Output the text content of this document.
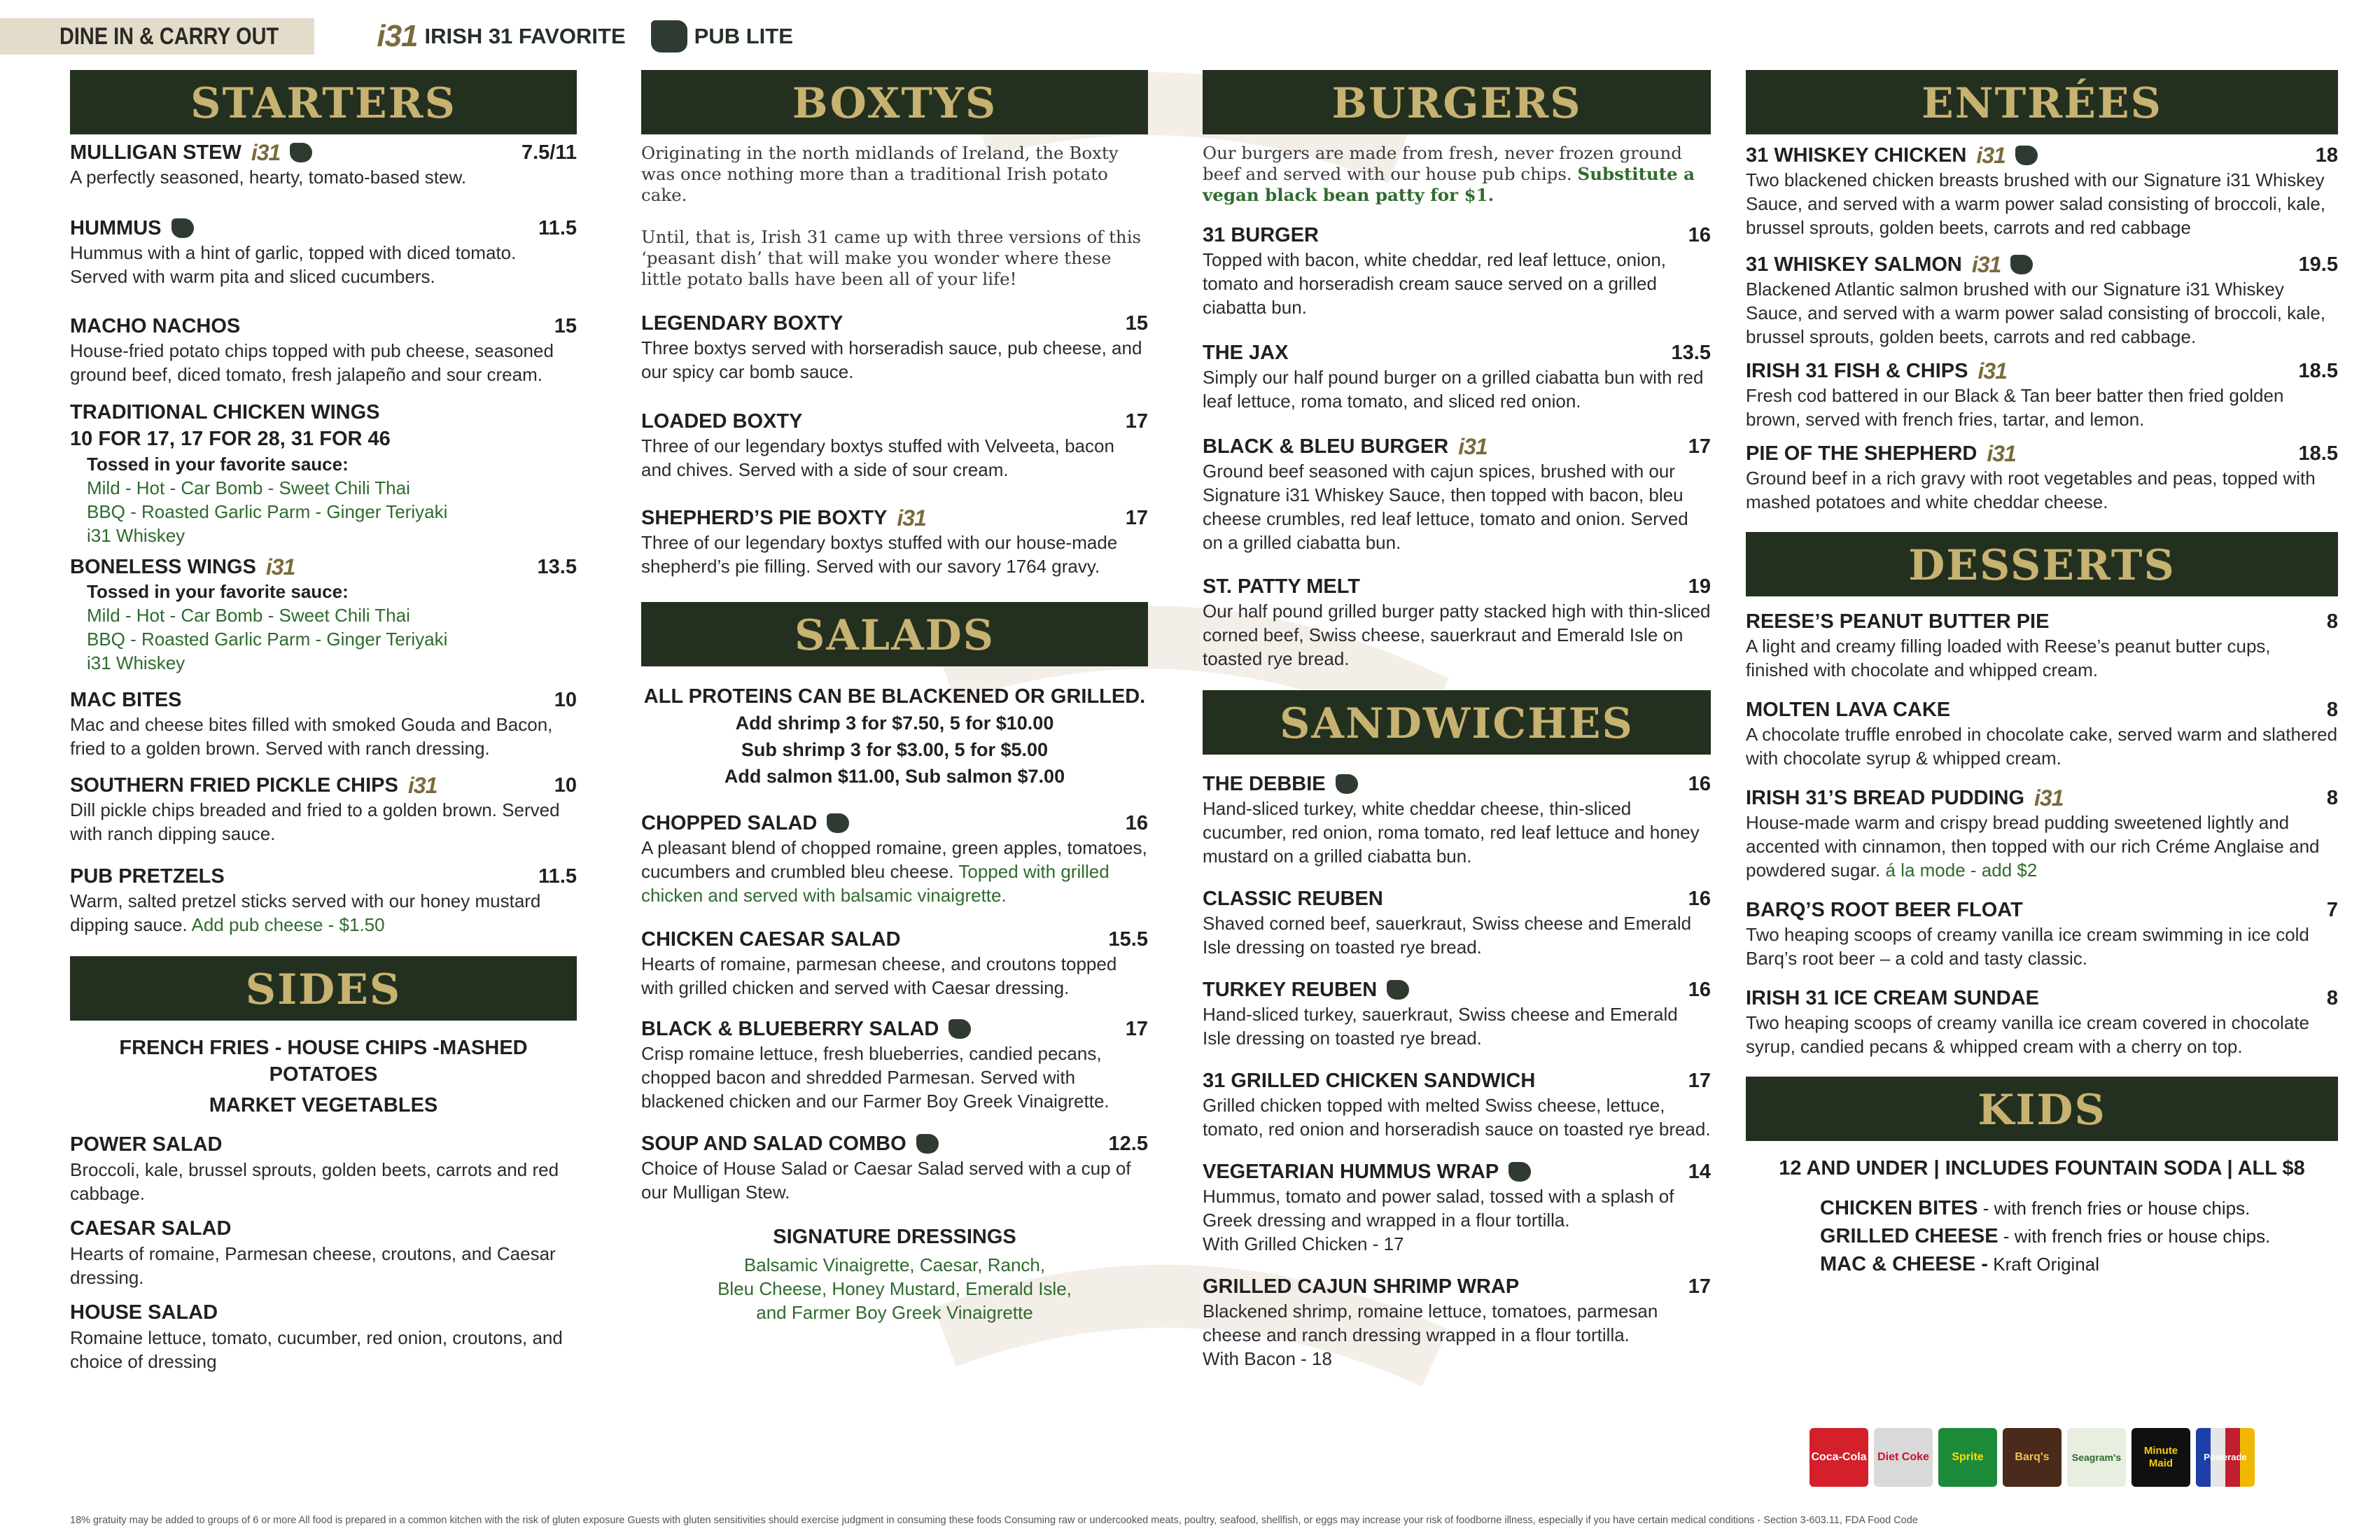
DINE IN & CARRY OUT	i31 IRISH 31 FAVORITE	PUB LITE
STARTERS
MULLIGAN STEW i31	7.5/11
A perfectly seasoned, hearty, tomato-based stew.
HUMMUS	11.5
Hummus with a hint of garlic, topped with diced tomato. Served with warm pita and sliced cucumbers.
MACHO NACHOS	15
House-fried potato chips topped with pub cheese, seasoned ground beef, diced tomato, fresh jalapeño and sour cream.
TRADITIONAL CHICKEN WINGS
10 FOR 17, 17 FOR 28, 31 FOR 46
Tossed in your favorite sauce:
Mild - Hot - Car Bomb - Sweet Chili Thai
BBQ - Roasted Garlic Parm - Ginger Teriyaki
i31 Whiskey
BONELESS WINGS i31	13.5
Tossed in your favorite sauce:
Mild - Hot - Car Bomb - Sweet Chili Thai
BBQ - Roasted Garlic Parm - Ginger Teriyaki
i31 Whiskey
MAC BITES	10
Mac and cheese bites filled with smoked Gouda and Bacon, fried to a golden brown. Served with ranch dressing.
SOUTHERN FRIED PICKLE CHIPS i31	10
Dill pickle chips breaded and fried to a golden brown. Served with ranch dipping sauce.
PUB PRETZELS	11.5
Warm, salted pretzel sticks served with our honey mustard dipping sauce. Add pub cheese - $1.50
SIDES
FRENCH FRIES - HOUSE CHIPS -MASHED POTATOES
MARKET VEGETABLES
POWER SALAD
Broccoli, kale, brussel sprouts, golden beets, carrots and red cabbage.
CAESAR SALAD
Hearts of romaine, Parmesan cheese, croutons, and Caesar dressing.
HOUSE SALAD
Romaine lettuce, tomato, cucumber, red onion, croutons, and choice of dressing
BOXTYS
Originating in the north midlands of Ireland, the Boxty was once nothing more than a traditional Irish potato cake.
Until, that is, Irish 31 came up with three versions of this ‘peasant dish’ that will make you wonder where these little potato balls have been all of your life!
LEGENDARY BOXTY	15
Three boxtys served with horseradish sauce, pub cheese, and our spicy car bomb sauce.
LOADED BOXTY	17
Three of our legendary boxtys stuffed with Velveeta, bacon and chives. Served with a side of sour cream.
SHEPHERD’S PIE BOXTY i31	17
Three of our legendary boxtys stuffed with our house-made shepherd’s pie filling. Served with our savory 1764 gravy.
SALADS
ALL PROTEINS CAN BE BLACKENED OR GRILLED.
Add shrimp 3 for $7.50, 5 for $10.00
Sub shrimp 3 for $3.00, 5 for $5.00
Add salmon $11.00, Sub salmon $7.00
CHOPPED SALAD	16
A pleasant blend of chopped romaine, green apples, tomatoes, cucumbers and crumbled bleu cheese. Topped with grilled chicken and served with balsamic vinaigrette.
CHICKEN CAESAR SALAD	15.5
Hearts of romaine, parmesan cheese, and croutons topped with grilled chicken and served with Caesar dressing.
BLACK & BLUEBERRY SALAD	17
Crisp romaine lettuce, fresh blueberries, candied pecans, chopped bacon and shredded Parmesan. Served with blackened chicken and our Farmer Boy Greek Vinaigrette.
SOUP AND SALAD COMBO	12.5
Choice of House Salad or Caesar Salad served with a cup of our Mulligan Stew.
SIGNATURE DRESSINGS
Balsamic Vinaigrette, Caesar, Ranch,
Bleu Cheese, Honey Mustard, Emerald Isle,
and Farmer Boy Greek Vinaigrette
BURGERS
Our burgers are made from fresh, never frozen ground beef and served with our house pub chips. Substitute a vegan black bean patty for $1.
31 BURGER	16
Topped with bacon, white cheddar, red leaf lettuce, onion, tomato and horseradish cream sauce served on a grilled ciabatta bun.
THE JAX	13.5
Simply our half pound burger on a grilled ciabatta bun with red leaf lettuce, roma tomato, and sliced red onion.
BLACK & BLEU BURGER i31	17
Ground beef seasoned with cajun spices, brushed with our Signature i31 Whiskey Sauce, then topped with bacon, bleu cheese crumbles, red leaf lettuce, tomato and onion. Served on a grilled ciabatta bun.
ST. PATTY MELT	19
Our half pound grilled burger patty stacked high with thin-sliced corned beef, Swiss cheese, sauerkraut and Emerald Isle on toasted rye bread.
SANDWICHES
THE DEBBIE	16
Hand-sliced turkey, white cheddar cheese, thin-sliced cucumber, red onion, roma tomato, red leaf lettuce and honey mustard on a grilled ciabatta bun.
CLASSIC REUBEN	16
Shaved corned beef, sauerkraut, Swiss cheese and Emerald Isle dressing on toasted rye bread.
TURKEY REUBEN	16
Hand-sliced turkey, sauerkraut, Swiss cheese and Emerald Isle dressing on toasted rye bread.
31 GRILLED CHICKEN SANDWICH	17
Grilled chicken topped with melted Swiss cheese, lettuce, tomato, red onion and horseradish sauce on toasted rye bread.
VEGETARIAN HUMMUS WRAP	14
Hummus, tomato and power salad, tossed with a splash of Greek dressing and wrapped in a flour tortilla.
With Grilled Chicken - 17
GRILLED CAJUN SHRIMP WRAP	17
Blackened shrimp, romaine lettuce, tomatoes, parmesan cheese and ranch dressing wrapped in a flour tortilla.
With Bacon - 18
ENTRÉES
31 WHISKEY CHICKEN i31	18
Two blackened chicken breasts brushed with our Signature i31 Whiskey Sauce, and served with a warm power salad consisting of broccoli, kale, brussel sprouts, golden beets, carrots and red cabbage
31 WHISKEY SALMON i31	19.5
Blackened Atlantic salmon brushed with our Signature i31 Whiskey Sauce, and served with a warm power salad consisting of broccoli, kale, brussel sprouts, golden beets, carrots and red cabbage.
IRISH 31 FISH & CHIPS i31	18.5
Fresh cod battered in our Black & Tan beer batter then fried golden brown, served with french fries, tartar, and lemon.
PIE OF THE SHEPHERD i31	18.5
Ground beef in a rich gravy with root vegetables and peas, topped with mashed potatoes and white cheddar cheese.
DESSERTS
REESE’S PEANUT BUTTER PIE	8
A light and creamy filling loaded with Reese’s peanut butter cups, finished with chocolate and whipped cream.
MOLTEN LAVA CAKE	8
A chocolate truffle enrobed in chocolate cake, served warm and slathered with chocolate syrup & whipped cream.
IRISH 31’S BREAD PUDDING i31	8
House-made warm and crispy bread pudding sweetened lightly and accented with cinnamon, then topped with our rich Créme Anglaise and powdered sugar. á la mode - add $2
BARQ’S ROOT BEER FLOAT	7
Two heaping scoops of creamy vanilla ice cream swimming in ice cold Barq’s root beer – a cold and tasty classic.
IRISH 31 ICE CREAM SUNDAE	8
Two heaping scoops of creamy vanilla ice cream covered in chocolate syrup, candied pecans & whipped cream with a cherry on top.
KIDS
12 AND UNDER | INCLUDES FOUNTAIN SODA | ALL $8
CHICKEN BITES - with french fries or house chips.
GRILLED CHEESE - with french fries or house chips.
MAC & CHEESE - Kraft Original
Coca-Cola Diet Coke	Sprite	Barq's	Seagram's
Minute Maid
Powerade
18% gratuity may be added to groups of 6 or more All food is prepared in a common kitchen with the risk of gluten exposure Guests with gluten sensitivities should exercise judgment in consuming these foods Consuming raw or undercooked meats, poultry, seafood, shellfish, or eggs may increase your risk of foodborne illness, especially if you have certain medical conditions - Section 3-603.11, FDA Food Code
